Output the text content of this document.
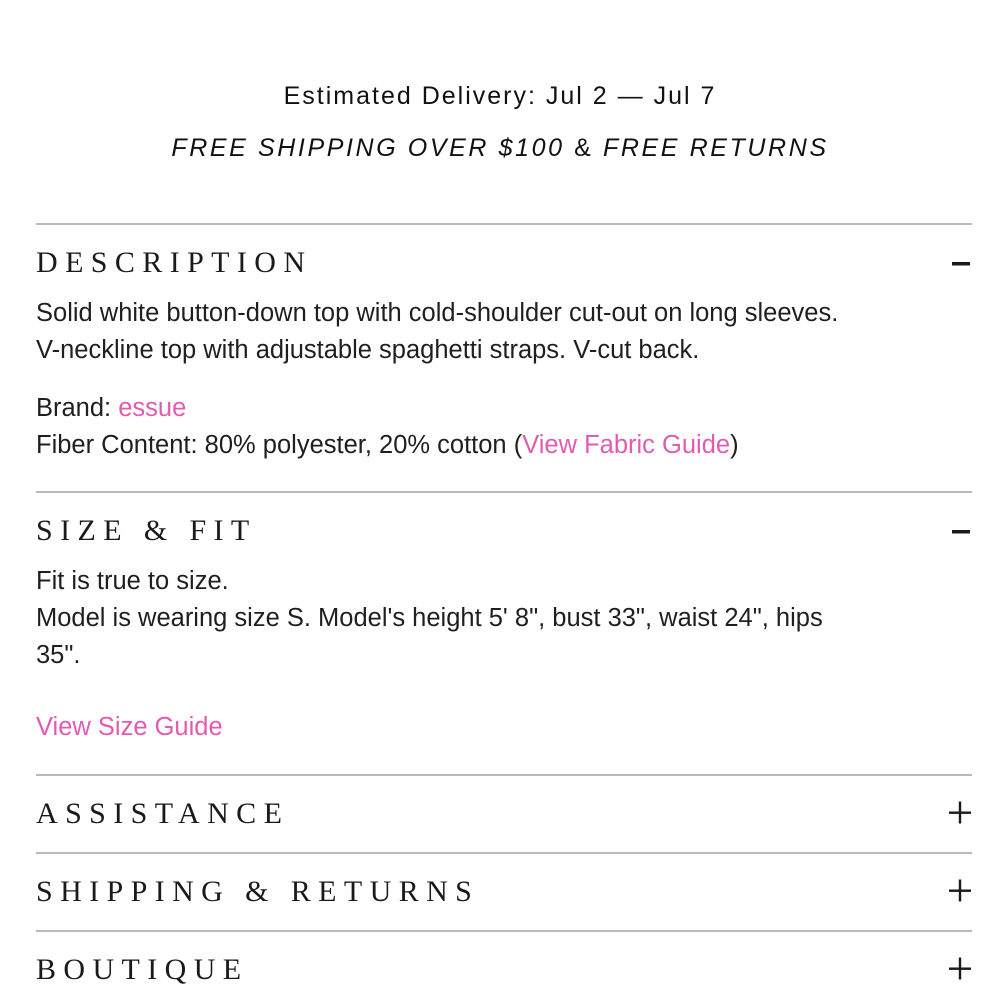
Estimated Delivery: Jul 2 — Jul 7
FREE SHIPPING OVER $100 & FREE RETURNS
DESCRIPTION
Solid white button-down top with cold-shoulder cut-out on long sleeves.
V-neckline top with adjustable spaghetti straps. V-cut back.
Brand: essue
Fiber Content: 80% polyester, 20% cotton (View Fabric Guide)
SIZE & FIT
Fit is true to size.
Model is wearing size S. Model's height 5' 8", bust 33", waist 24", hips
35".
View Size Guide
ASSISTANCE
SHIPPING & RETURNS
BOUTIQUE
